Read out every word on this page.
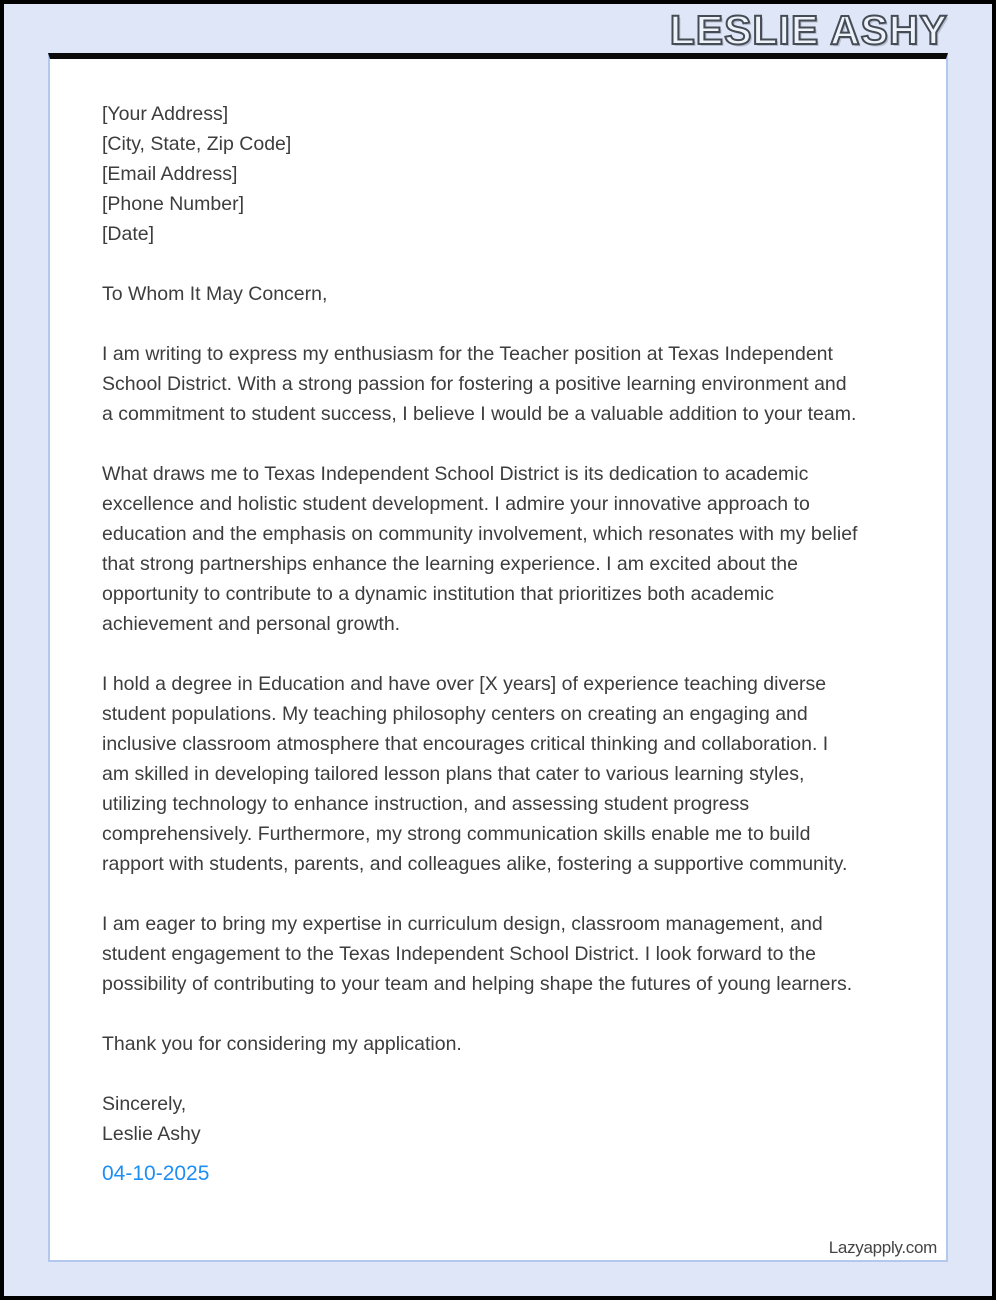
LESLIE ASHY
[Your Address]
[City, State, Zip Code]
[Email Address]
[Phone Number]
[Date]

To Whom It May Concern,

I am writing to express my enthusiasm for the Teacher position at Texas Independent School District. With a strong passion for fostering a positive learning environment and a commitment to student success, I believe I would be a valuable addition to your team.

What draws me to Texas Independent School District is its dedication to academic excellence and holistic student development. I admire your innovative approach to education and the emphasis on community involvement, which resonates with my belief that strong partnerships enhance the learning experience. I am excited about the opportunity to contribute to a dynamic institution that prioritizes both academic achievement and personal growth.

I hold a degree in Education and have over [X years] of experience teaching diverse student populations. My teaching philosophy centers on creating an engaging and inclusive classroom atmosphere that encourages critical thinking and collaboration. I am skilled in developing tailored lesson plans that cater to various learning styles, utilizing technology to enhance instruction, and assessing student progress comprehensively. Furthermore, my strong communication skills enable me to build rapport with students, parents, and colleagues alike, fostering a supportive community.

I am eager to bring my expertise in curriculum design, classroom management, and student engagement to the Texas Independent School District. I look forward to the possibility of contributing to your team and helping shape the futures of young learners.

Thank you for considering my application.

Sincerely,
Leslie Ashy
04-10-2025
Lazyapply.com
